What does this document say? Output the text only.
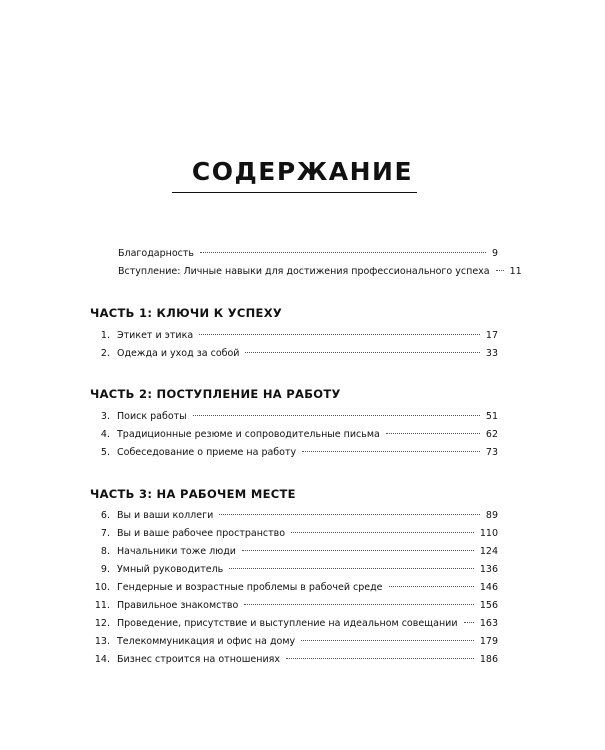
СОДЕРЖАНИЕ
Благодарность	9
Вступление: Личные навыки для достижения профессионального успеха 11
ЧАСТЬ 1: КЛЮЧИ К УСПЕХУ
1. Этикет и этика	17
2. Одежда и уход за собой	33
ЧАСТЬ 2: ПОСТУПЛЕНИЕ НА РАБОТУ
3. Поиск работы	51
4. Традиционные резюме и сопроводительные письма	62
5. Собеседование о приеме на работу	73
ЧАСТЬ 3: НА РАБОЧЕМ МЕСТЕ
6. Вы и ваши коллеги	89
7. Вы и ваше рабочее пространство	110
8. Начальники тоже люди	124
9. Умный руководитель	136
10. Гендерные и возрастные проблемы в рабочей среде	146
11. Правильное знакомство	156
12. Проведение, присутствие и выступление на идеальном совещании 163
13. Телекоммуникация и офис на дому	179
14. Бизнес строится на отношениях	186
